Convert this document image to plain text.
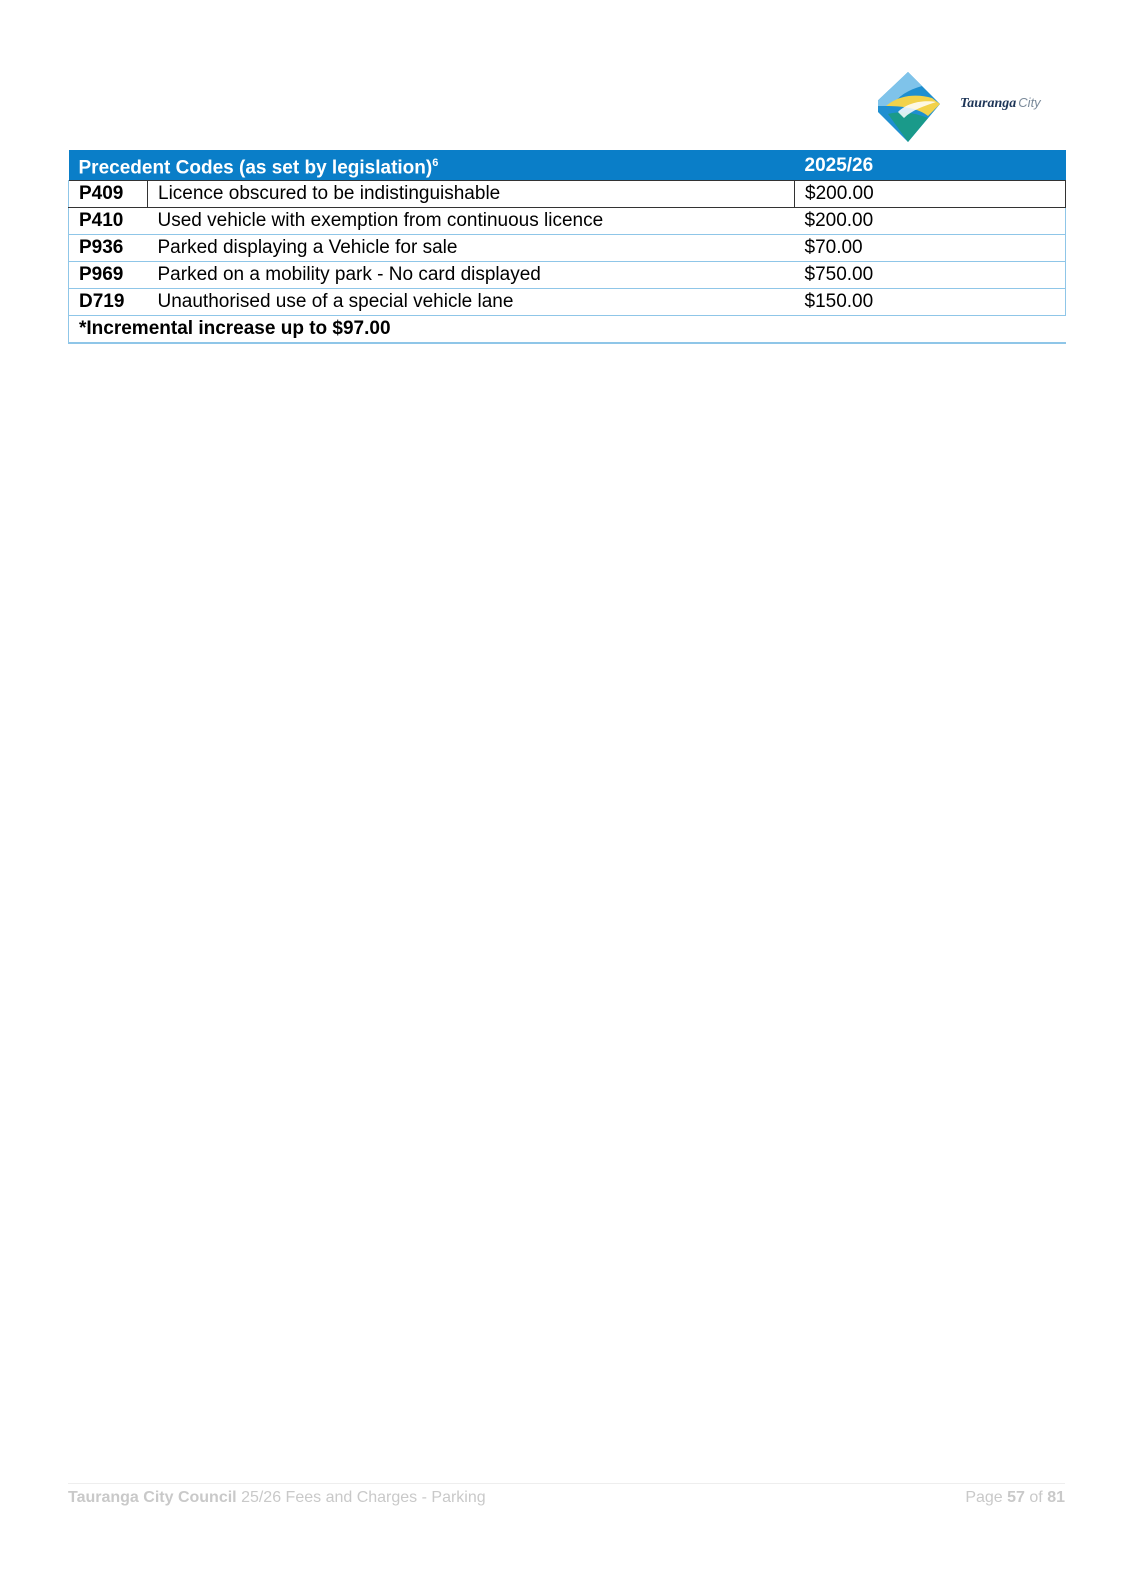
Tauranga City
Precedent Codes (as set by legislation)$^6$		2025/26
P409	Licence obscured to be indistinguishable	$200.00
P410	Used vehicle with exemption from continuous licence	$200.00
P936	Parked displaying a Vehicle for sale	$70.00
P969	Parked on a mobility park - No card displayed	$750.00
D719	Unauthorised use of a special vehicle lane	$150.00
*Incremental increase up to $97.00		
Tauranga City Council 25/26 Fees and Charges - Parking	Page 57 of 81
